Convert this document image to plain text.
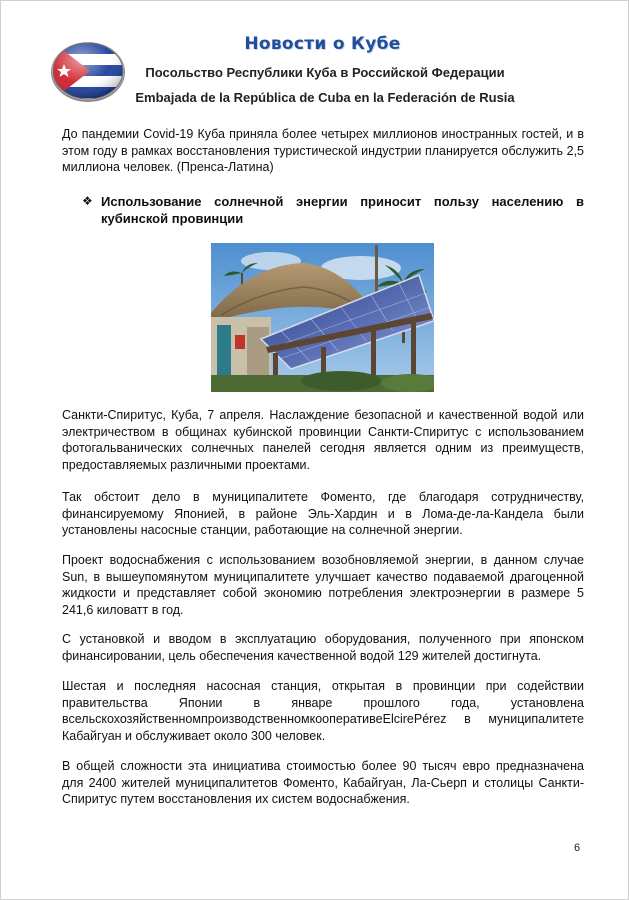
Новости о Кубе
Посольство Республики Куба в Российской Федерации
Embajada de la República de Cuba en la Federación de Rusia

До пандемии Covid-19 Куба приняла более четырех миллионов иностранных гостей, и в этом году в рамках восстановления туристической индустрии планируется обслужить 2,5 миллиона человек. (Пренса-Латина)

❖ Использование солнечной энергии приносит пользу населению в кубинской провинции

Санкти-Спиритус, Куба, 7 апреля. Наслаждение безопасной и качественной водой или электричеством в общинах кубинской провинции Санкти-Спиритус с использованием фотогальванических солнечных панелей сегодня является одним из преимуществ, предоставляемых различными проектами.

Так обстоит дело в муниципалитете Фоменто, где благодаря сотрудничеству, финансируемому Японией, в районе Эль-Хардин и в Лома-де-ла-Кандела были установлены насосные станции, работающие на солнечной энергии.

Проект водоснабжения с использованием возобновляемой энергии, в данном случае Sun, в вышеупомянутом муниципалитете улучшает качество подаваемой драгоценной жидкости и представляет собой экономию потребления электроэнергии в размере 5 241,6 киловатт в год.

С установкой и вводом в эксплуатацию оборудования, полученного при японском финансировании, цель обеспечения качественной водой 129 жителей достигнута.

Шестая и последняя насосная станция, открытая в провинции при содействии правительства Японии в январе прошлого года, установлена всельскохозяйственномпроизводственномкооперативеElcirePérez в муниципалитете Кабайгуан и обслуживает около 300 человек.

В общей сложности эта инициатива стоимостью более 90 тысяч евро предназначена для 2400 жителей муниципалитетов Фоменто, Кабайгуан, Ла-Сьерп и столицы Санкти-Спиритус путем восстановления их систем водоснабжения.

6
